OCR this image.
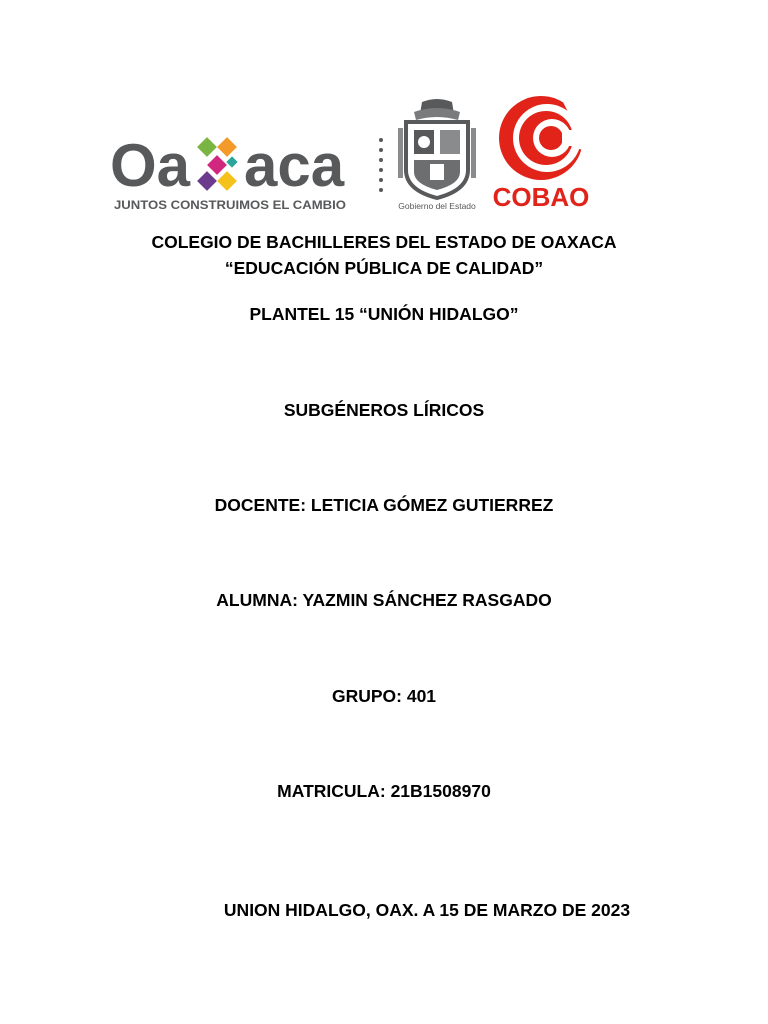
Oa aca
JUNTOS CONSTRUIMOS EL CAMBIO	Gobierno del Estado COBAO
COLEGIO DE BACHILLERES DEL ESTADO DE OAXACA
“EDUCACIÓN PÚBLICA DE CALIDAD”
PLANTEL 15 “UNIÓN HIDALGO”
SUBGÉNEROS LÍRICOS
DOCENTE: LETICIA GÓMEZ GUTIERREZ
ALUMNA: YAZMIN SÁNCHEZ RASGADO
GRUPO: 401
MATRICULA: 21B1508970
UNION HIDALGO, OAX. A 15 DE MARZO DE 2023
